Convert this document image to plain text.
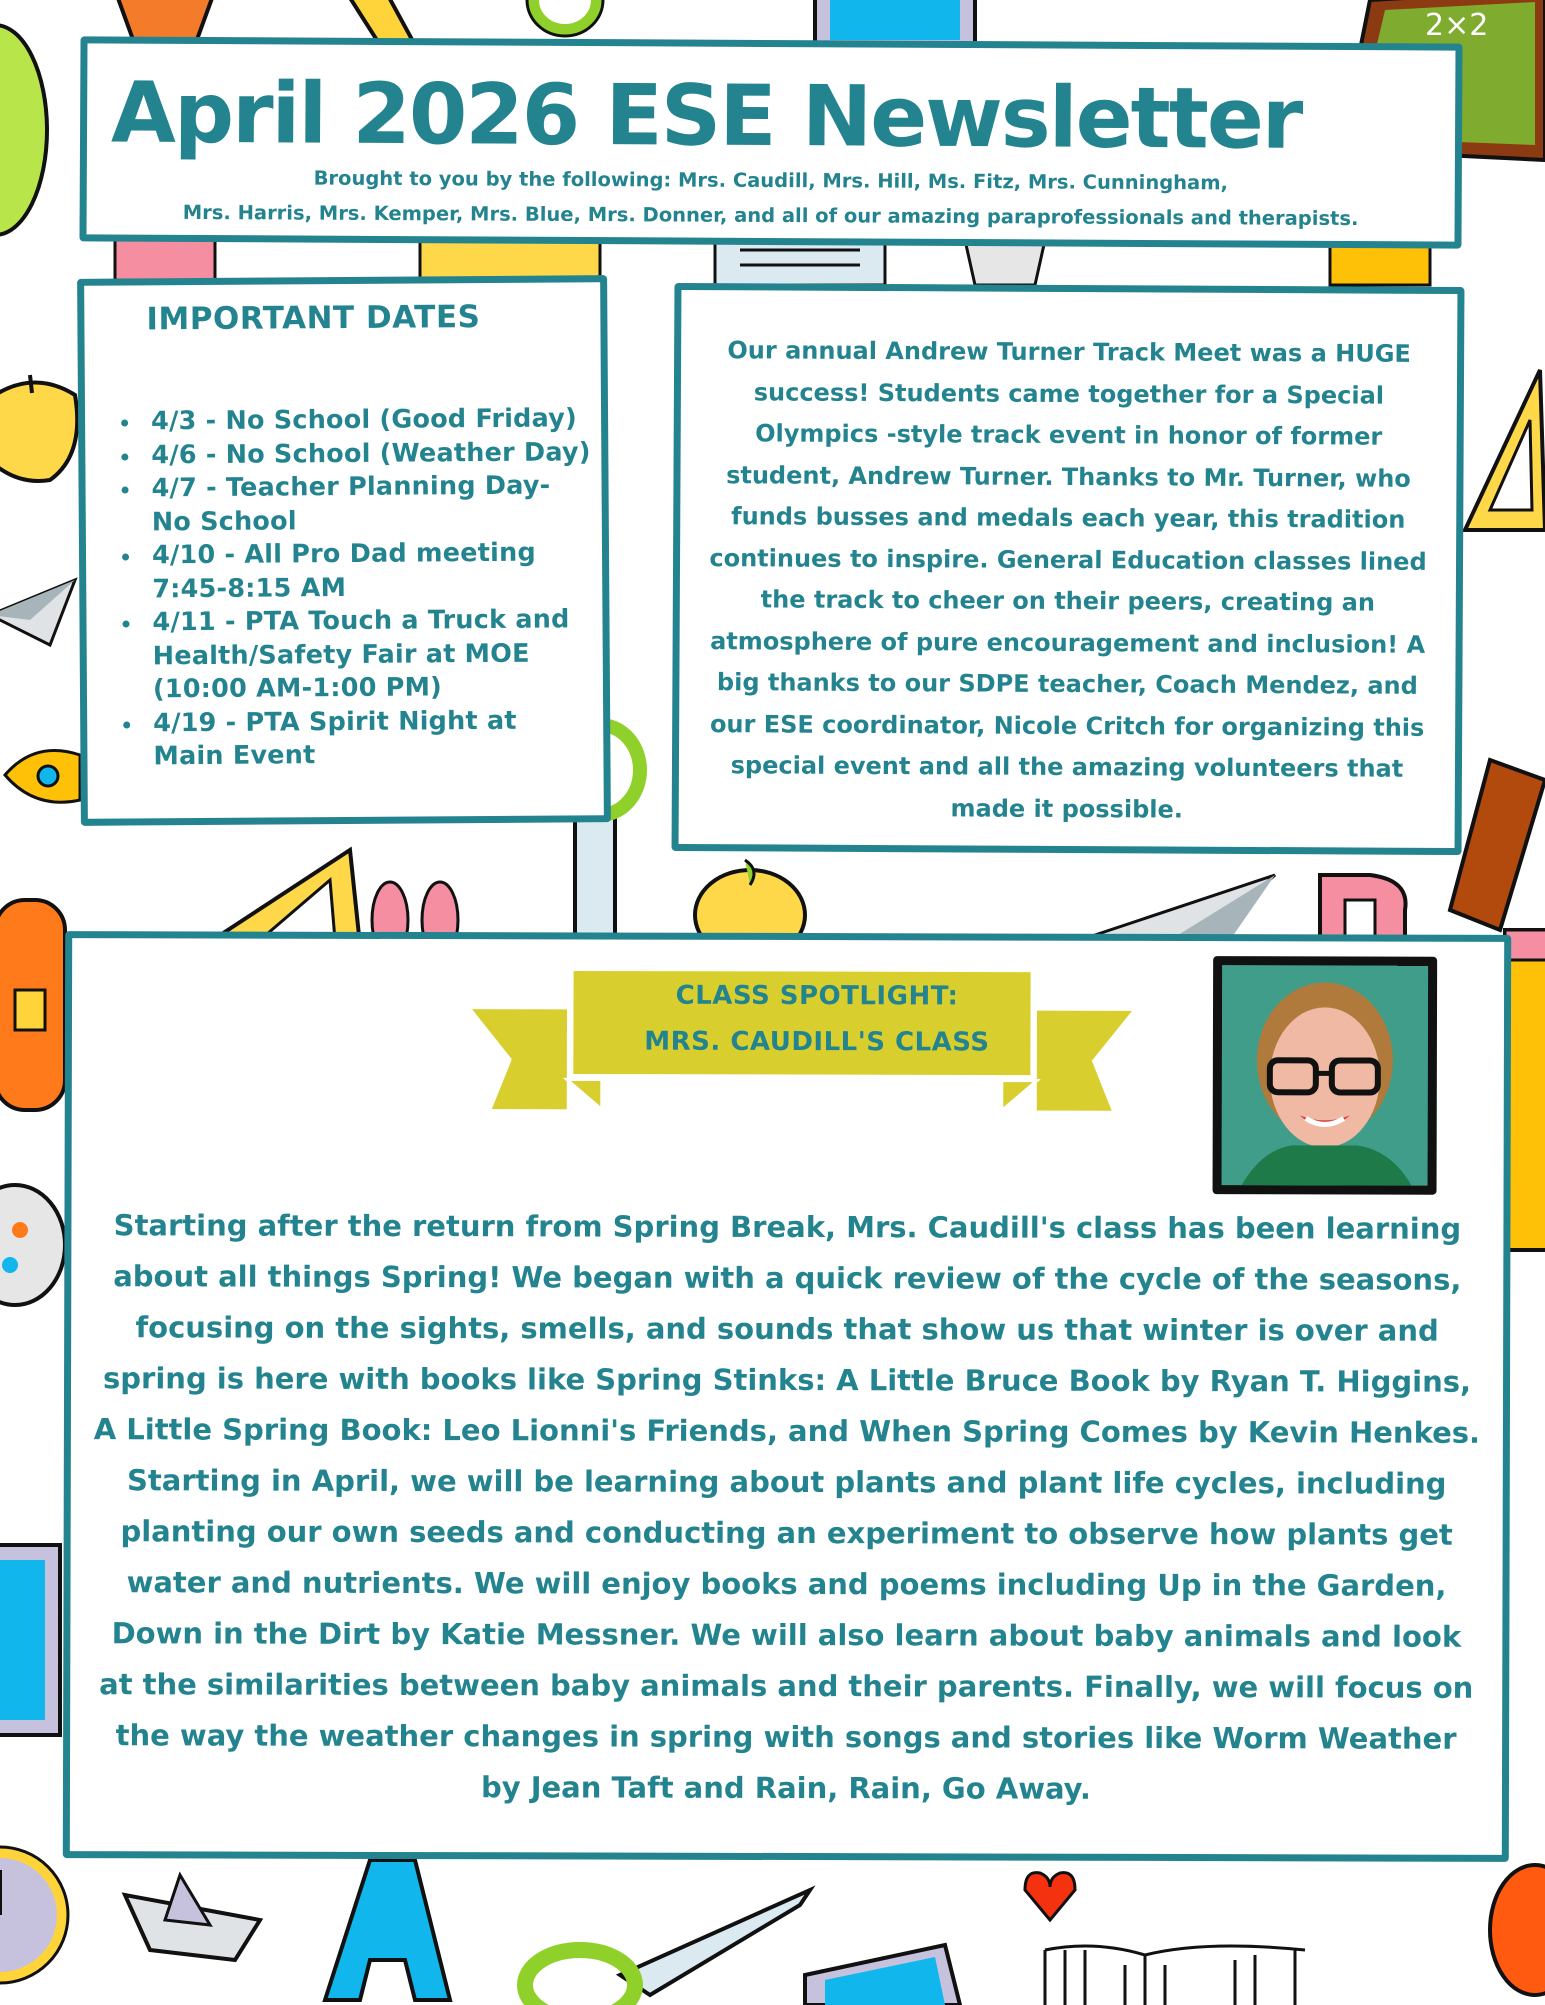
2×2
April 2026 ESE Newsletter
Brought to you by the following: Mrs. Caudill, Mrs. Hill, Ms. Fitz, Mrs. Cunningham,
Mrs. Harris, Mrs. Kemper, Mrs. Blue, Mrs. Donner, and all of our amazing paraprofessionals and therapists.
IMPORTANT DATES
4/3 - No School (Good Friday)
4/6 - No School (Weather Day)
4/7 - Teacher Planning Day- No School
4/10 - All Pro Dad meeting 7:45-8:15 AM
4/11 - PTA Touch a Truck and Health/Safety Fair at MOE (10:00 AM-1:00 PM)
4/19 - PTA Spirit Night at Main Event

Our annual Andrew Turner Track Meet was a HUGE success! Students came together for a Special Olympics -style track event in honor of former student, Andrew Turner. Thanks to Mr. Turner, who funds busses and medals each year, this tradition continues to inspire. General Education classes lined the track to cheer on their peers, creating an atmosphere of pure encouragement and inclusion! A big thanks to our SDPE teacher, Coach Mendez, and our ESE coordinator, Nicole Critch for organizing this special event and all the amazing volunteers that made it possible.

CLASS SPOTLIGHT:
MRS. CAUDILL'S CLASS

Starting after the return from Spring Break, Mrs. Caudill's class has been learning about all things Spring! We began with a quick review of the cycle of the seasons, focusing on the sights, smells, and sounds that show us that winter is over and spring is here with books like Spring Stinks: A Little Bruce Book by Ryan T. Higgins, A Little Spring Book: Leo Lionni's Friends, and When Spring Comes by Kevin Henkes. Starting in April, we will be learning about plants and plant life cycles, including planting our own seeds and conducting an experiment to observe how plants get water and nutrients. We will enjoy books and poems including Up in the Garden, Down in the Dirt by Katie Messner. We will also learn about baby animals and look at the similarities between baby animals and their parents. Finally, we will focus on the way the weather changes in spring with songs and stories like Worm Weather by Jean Taft and Rain, Rain, Go Away.
